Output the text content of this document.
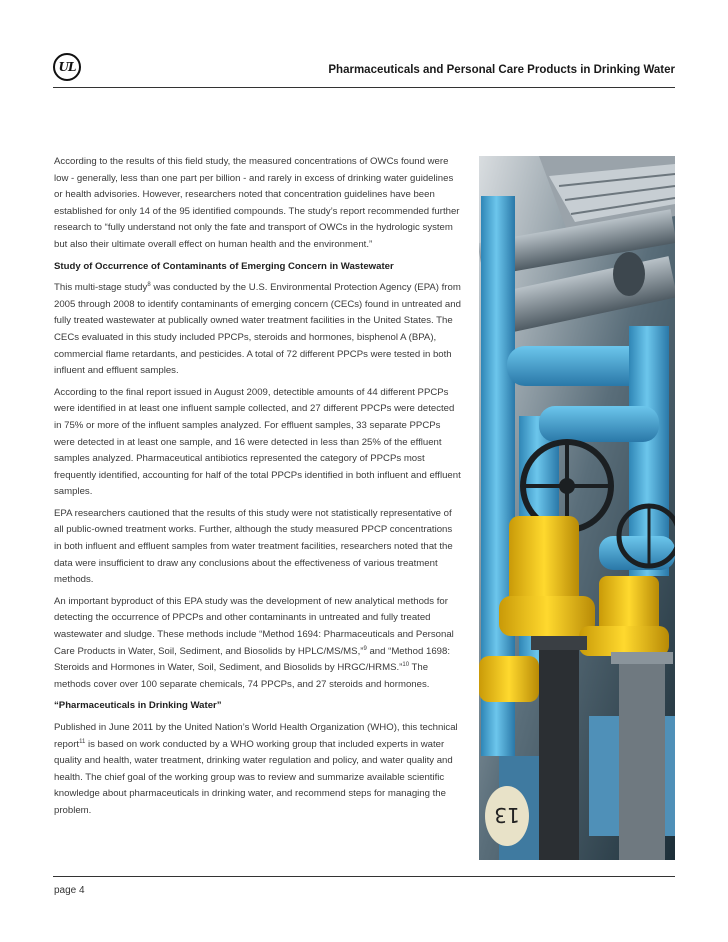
UL	Pharmaceuticals and Personal Care Products in Drinking Water

According to the results of this field study, the measured concentrations of OWCs found were low - generally, less than one part per billion - and rarely in excess of drinking water guidelines or health advisories. However, researchers noted that concentration guidelines have been established for only 14 of the 95 identified compounds. The study’s report recommended further research to “fully understand not only the fate and transport of OWCs in the hydrologic system but also their ultimate overall effect on human health and the environment.”

Study of Occurrence of Contaminants of Emerging Concern in Wastewater

This multi-stage study$^8$ was conducted by the U.S. Environmental Protection Agency (EPA) from 2005 through 2008 to identify contaminants of emerging concern (CECs) found in untreated and fully treated wastewater at publically owned water treatment facilities in the United States. The CECs evaluated in this study included PPCPs, steroids and hormones, bisphenol A (BPA), commercial flame retardants, and pesticides. A total of 72 different PPCPs were tested in both influent and effluent samples.

According to the final report issued in August 2009, detectible amounts of 44 different PPCPs were identified in at least one influent sample collected, and 27 different PPCPs were detected in 75% or more of the influent samples analyzed. For effluent samples, 33 separate PPCPs were detected in at least one sample, and 16 were detected in less than 25% of the effluent samples analyzed. Pharmaceutical antibiotics represented the category of PPCPs most frequently identified, accounting for half of the total PPCPs identified in both influent and effluent samples.

EPA researchers cautioned that the results of this study were not statistically representative of all public-owned treatment works. Further, although the study measured PPCP concentrations in both influent and effluent samples from water treatment facilities, researchers noted that the data were insufficient to draw any conclusions about the effectiveness of various treatment methods.

An important byproduct of this EPA study was the development of new analytical methods for detecting the occurrence of PPCPs and other contaminants in untreated and fully treated wastewater and sludge. These methods include “Method 1694: Pharmaceuticals and Personal Care Products in Water, Soil, Sediment, and Biosolids by HPLC/MS/MS,”$^9$ and “Method 1698: Steroids and Hormones in Water, Soil, Sediment, and Biosolids by HRGC/HRMS.”$^{10}$ The methods cover over 100 separate chemicals, 74 PPCPs, and 27 steroids and hormones.

“Pharmaceuticals in Drinking Water”

Published in June 2011 by the United Nation’s World Health Organization (WHO), this technical report$^{11}$ is based on work conducted by a WHO working group that included experts in water quality and health, water treatment, drinking water regulation and policy, and water quality and health. The chief goal of the working group was to review and summarize available scientific knowledge about pharmaceuticals in drinking water, and recommend steps for managing the problem.	13
page 4
